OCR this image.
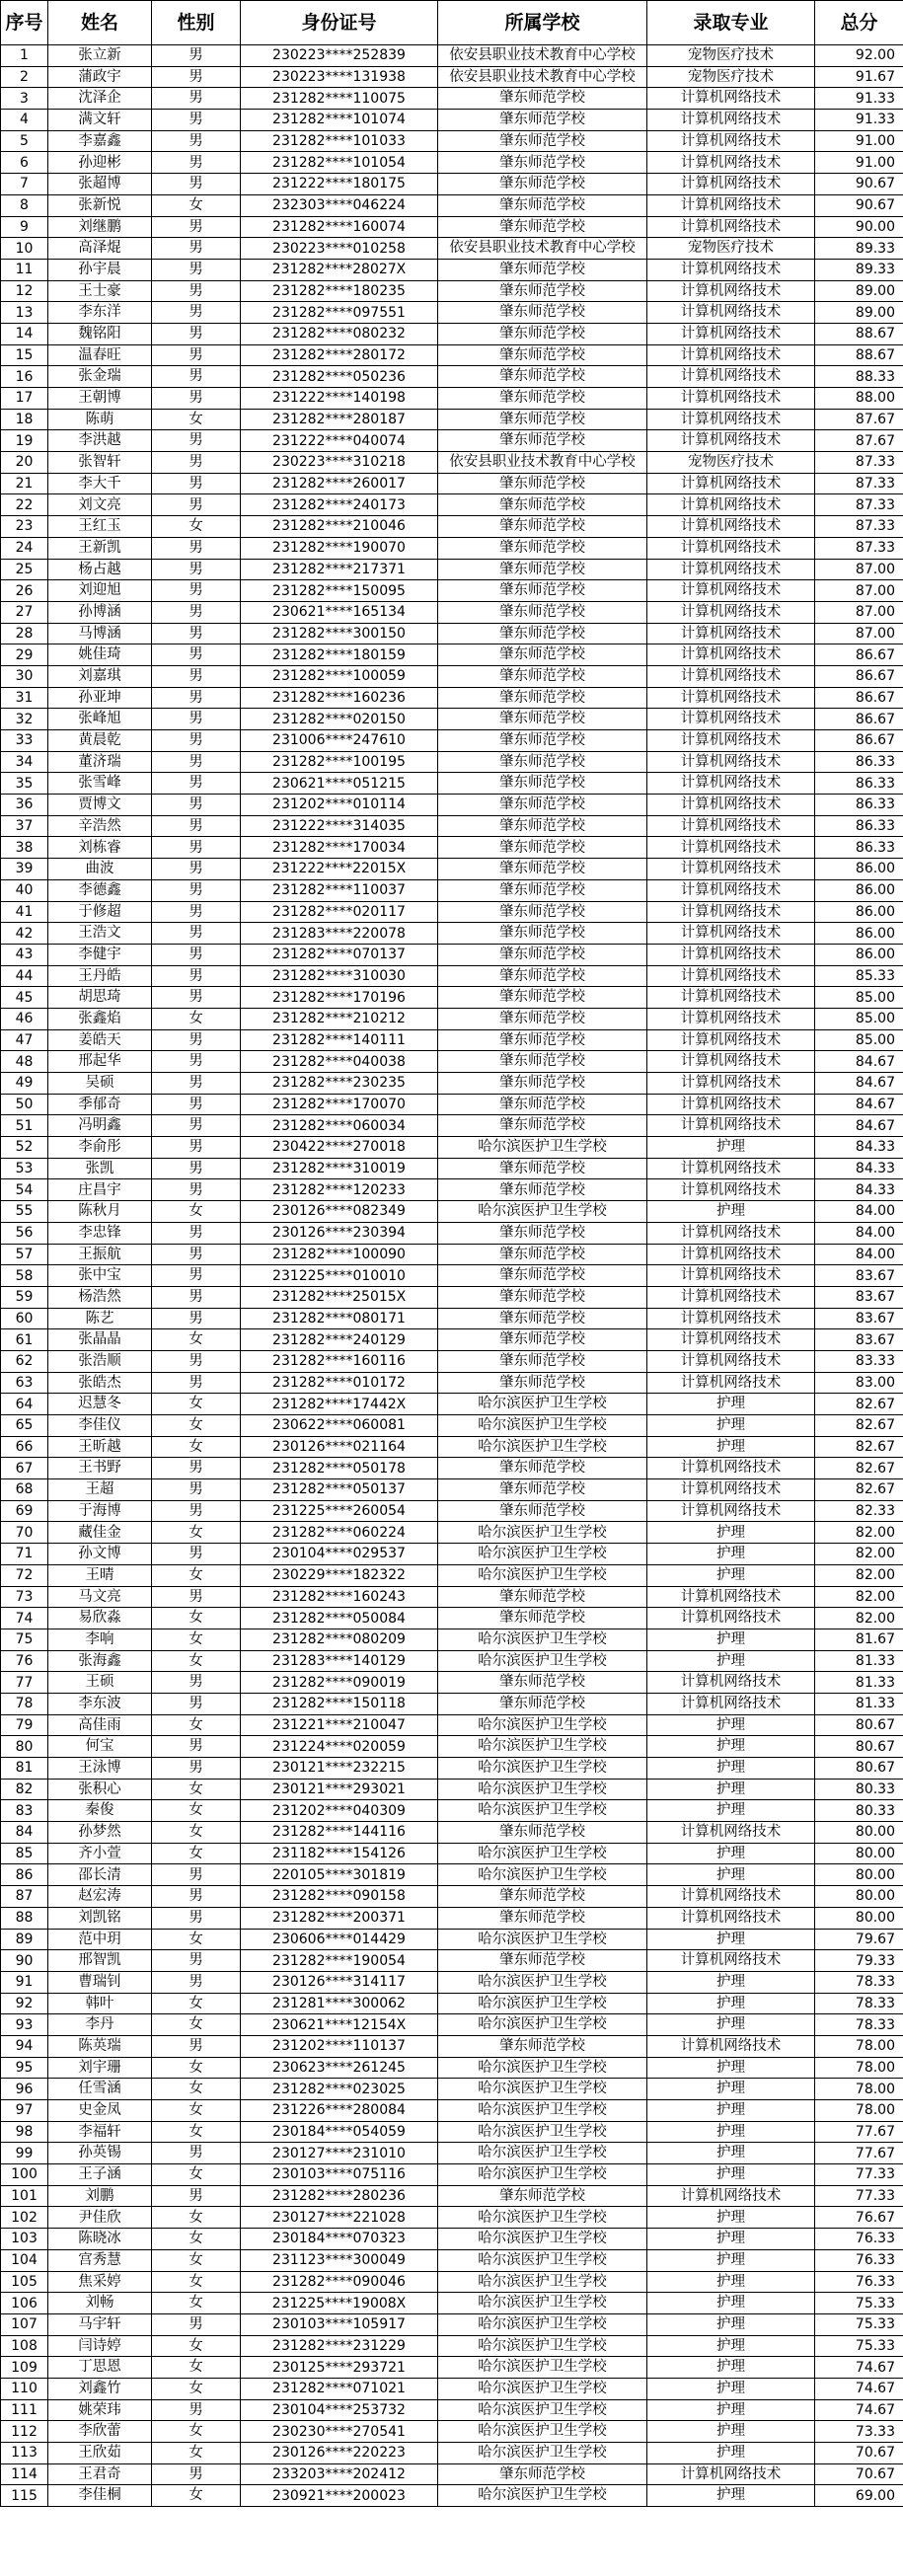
序号	姓名	性别	身份证号	所属学校	录取专业	总分
1	张立新	男	230223****252839	依安县职业技术教育中心学校	宠物医疗技术	92.00
2	蒲政宇	男	230223****131938	依安县职业技术教育中心学校	宠物医疗技术	91.67
3	沈泽企	男	231282****110075	肇东师范学校	计算机网络技术	91.33
4	满文轩	男	231282****101074	肇东师范学校	计算机网络技术	91.33
5	李嘉鑫	男	231282****101033	肇东师范学校	计算机网络技术	91.00
6	孙迎彬	男	231282****101054	肇东师范学校	计算机网络技术	91.00
7	张超博	男	231222****180175	肇东师范学校	计算机网络技术	90.67
8	张新悦	女	232303****046224	肇东师范学校	计算机网络技术	90.67
9	刘继鹏	男	231282****160074	肇东师范学校	计算机网络技术	90.00
10	高泽焜	男	230223****010258	依安县职业技术教育中心学校	宠物医疗技术	89.33
11	孙宇晨	男	231282****28027X	肇东师范学校	计算机网络技术	89.33
12	王士豪	男	231282****180235	肇东师范学校	计算机网络技术	89.00
13	李东洋	男	231282****097551	肇东师范学校	计算机网络技术	89.00
14	魏铭阳	男	231282****080232	肇东师范学校	计算机网络技术	88.67
15	温春旺	男	231282****280172	肇东师范学校	计算机网络技术	88.67
16	张金瑞	男	231282****050236	肇东师范学校	计算机网络技术	88.33
17	王朝博	男	231222****140198	肇东师范学校	计算机网络技术	88.00
18	陈萌	女	231282****280187	肇东师范学校	计算机网络技术	87.67
19	李洪越	男	231222****040074	肇东师范学校	计算机网络技术	87.67
20	张智轩	男	230223****310218	依安县职业技术教育中心学校	宠物医疗技术	87.33
21	李大千	男	231282****260017	肇东师范学校	计算机网络技术	87.33
22	刘文亮	男	231282****240173	肇东师范学校	计算机网络技术	87.33
23	王红玉	女	231282****210046	肇东师范学校	计算机网络技术	87.33
24	王新凯	男	231282****190070	肇东师范学校	计算机网络技术	87.33
25	杨占越	男	231282****217371	肇东师范学校	计算机网络技术	87.00
26	刘迎旭	男	231282****150095	肇东师范学校	计算机网络技术	87.00
27	孙博涵	男	230621****165134	肇东师范学校	计算机网络技术	87.00
28	马博涵	男	231282****300150	肇东师范学校	计算机网络技术	87.00
29	姚佳琦	男	231282****180159	肇东师范学校	计算机网络技术	86.67
30	刘嘉琪	男	231282****100059	肇东师范学校	计算机网络技术	86.67
31	孙亚坤	男	231282****160236	肇东师范学校	计算机网络技术	86.67
32	张峰旭	男	231282****020150	肇东师范学校	计算机网络技术	86.67
33	黄晨乾	男	231006****247610	肇东师范学校	计算机网络技术	86.67
34	董济瑞	男	231282****100195	肇东师范学校	计算机网络技术	86.33
35	张雪峰	男	230621****051215	肇东师范学校	计算机网络技术	86.33
36	贾博文	男	231202****010114	肇东师范学校	计算机网络技术	86.33
37	辛浩然	男	231222****314035	肇东师范学校	计算机网络技术	86.33
38	刘栋睿	男	231282****170034	肇东师范学校	计算机网络技术	86.33
39	曲波	男	231222****22015X	肇东师范学校	计算机网络技术	86.00
40	李德鑫	男	231282****110037	肇东师范学校	计算机网络技术	86.00
41	于修超	男	231282****020117	肇东师范学校	计算机网络技术	86.00
42	王浩文	男	231283****220078	肇东师范学校	计算机网络技术	86.00
43	李健宇	男	231282****070137	肇东师范学校	计算机网络技术	86.00
44	王丹皓	男	231282****310030	肇东师范学校	计算机网络技术	85.33
45	胡思琦	男	231282****170196	肇东师范学校	计算机网络技术	85.00
46	张鑫焰	女	231282****210212	肇东师范学校	计算机网络技术	85.00
47	姜皓天	男	231282****140111	肇东师范学校	计算机网络技术	85.00
48	邢起华	男	231282****040038	肇东师范学校	计算机网络技术	84.67
49	吴硕	男	231282****230235	肇东师范学校	计算机网络技术	84.67
50	季郁奇	男	231282****170070	肇东师范学校	计算机网络技术	84.67
51	冯明鑫	男	231282****060034	肇东师范学校	计算机网络技术	84.67
52	李俞彤	男	230422****270018	哈尔滨医护卫生学校	护理	84.33
53	张凯	男	231282****310019	肇东师范学校	计算机网络技术	84.33
54	庄昌宇	男	231282****120233	肇东师范学校	计算机网络技术	84.33
55	陈秋月	女	230126****082349	哈尔滨医护卫生学校	护理	84.00
56	李忠锋	男	230126****230394	肇东师范学校	计算机网络技术	84.00
57	王振航	男	231282****100090	肇东师范学校	计算机网络技术	84.00
58	张中宝	男	231225****010010	肇东师范学校	计算机网络技术	83.67
59	杨浩然	男	231282****25015X	肇东师范学校	计算机网络技术	83.67
60	陈艺	男	231282****080171	肇东师范学校	计算机网络技术	83.67
61	张晶晶	女	231282****240129	肇东师范学校	计算机网络技术	83.67
62	张浩顺	男	231282****160116	肇东师范学校	计算机网络技术	83.33
63	张皓杰	男	231282****010172	肇东师范学校	计算机网络技术	83.00
64	迟慧冬	女	231282****17442X	哈尔滨医护卫生学校	护理	82.67
65	李佳仪	女	230622****060081	哈尔滨医护卫生学校	护理	82.67
66	王昕越	女	230126****021164	哈尔滨医护卫生学校	护理	82.67
67	王书野	男	231282****050178	肇东师范学校	计算机网络技术	82.67
68	王超	男	231282****050137	肇东师范学校	计算机网络技术	82.67
69	于海博	男	231225****260054	肇东师范学校	计算机网络技术	82.33
70	藏佳金	女	231282****060224	哈尔滨医护卫生学校	护理	82.00
71	孙文博	男	230104****029537	哈尔滨医护卫生学校	护理	82.00
72	王晴	女	230229****182322	哈尔滨医护卫生学校	护理	82.00
73	马文亮	男	231282****160243	肇东师范学校	计算机网络技术	82.00
74	易欣淼	女	231282****050084	肇东师范学校	计算机网络技术	82.00
75	李响	女	231282****080209	哈尔滨医护卫生学校	护理	81.67
76	张海鑫	女	231283****140129	哈尔滨医护卫生学校	护理	81.33
77	王硕	男	231282****090019	肇东师范学校	计算机网络技术	81.33
78	李东波	男	231282****150118	肇东师范学校	计算机网络技术	81.33
79	高佳雨	女	231221****210047	哈尔滨医护卫生学校	护理	80.67
80	何宝	男	231224****020059	哈尔滨医护卫生学校	护理	80.67
81	王泳博	男	230121****232215	哈尔滨医护卫生学校	护理	80.67
82	张积心	女	230121****293021	哈尔滨医护卫生学校	护理	80.33
83	秦俊	女	231202****040309	哈尔滨医护卫生学校	护理	80.33
84	孙梦然	女	231282****144116	肇东师范学校	计算机网络技术	80.00
85	齐小萱	女	231182****154126	哈尔滨医护卫生学校	护理	80.00
86	邵长清	男	220105****301819	哈尔滨医护卫生学校	护理	80.00
87	赵宏涛	男	231282****090158	肇东师范学校	计算机网络技术	80.00
88	刘凯铭	男	231282****200371	肇东师范学校	计算机网络技术	80.00
89	范中玥	女	230606****014429	哈尔滨医护卫生学校	护理	79.67
90	邢智凯	男	231282****190054	肇东师范学校	计算机网络技术	79.33
91	曹瑞钊	男	230126****314117	哈尔滨医护卫生学校	护理	78.33
92	韩叶	女	231281****300062	哈尔滨医护卫生学校	护理	78.33
93	李丹	女	230621****12154X	哈尔滨医护卫生学校	护理	78.33
94	陈英瑞	男	231202****110137	肇东师范学校	计算机网络技术	78.00
95	刘宇珊	女	230623****261245	哈尔滨医护卫生学校	护理	78.00
96	任雪涵	女	231282****023025	哈尔滨医护卫生学校	护理	78.00
97	史金凤	女	231226****280084	哈尔滨医护卫生学校	护理	78.00
98	李福轩	女	230184****054059	哈尔滨医护卫生学校	护理	77.67
99	孙英锡	男	230127****231010	哈尔滨医护卫生学校	护理	77.67
100	王子涵	女	230103****075116	哈尔滨医护卫生学校	护理	77.33
101	刘鹏	男	231282****280236	肇东师范学校	计算机网络技术	77.33
102	尹佳欣	女	230127****221028	哈尔滨医护卫生学校	护理	76.67
103	陈晓冰	女	230184****070323	哈尔滨医护卫生学校	护理	76.33
104	宫秀慧	女	231123****300049	哈尔滨医护卫生学校	护理	76.33
105	焦采婷	女	231282****090046	哈尔滨医护卫生学校	护理	76.33
106	刘畅	女	231225****19008X	哈尔滨医护卫生学校	护理	75.33
107	马宇轩	男	230103****105917	哈尔滨医护卫生学校	护理	75.33
108	闫诗婷	女	231282****231229	哈尔滨医护卫生学校	护理	75.33
109	丁思恩	女	230125****293721	哈尔滨医护卫生学校	护理	74.67
110	刘鑫竹	女	231282****071021	哈尔滨医护卫生学校	护理	74.67
111	姚荣玮	男	230104****253732	哈尔滨医护卫生学校	护理	74.67
112	李欣蕾	女	230230****270541	哈尔滨医护卫生学校	护理	73.33
113	王欣茹	女	230126****220223	哈尔滨医护卫生学校	护理	70.67
114	王君奇	男	233203****202412	肇东师范学校	计算机网络技术	70.67
115	李佳桐	女	230921****200023	哈尔滨医护卫生学校	护理	69.00
